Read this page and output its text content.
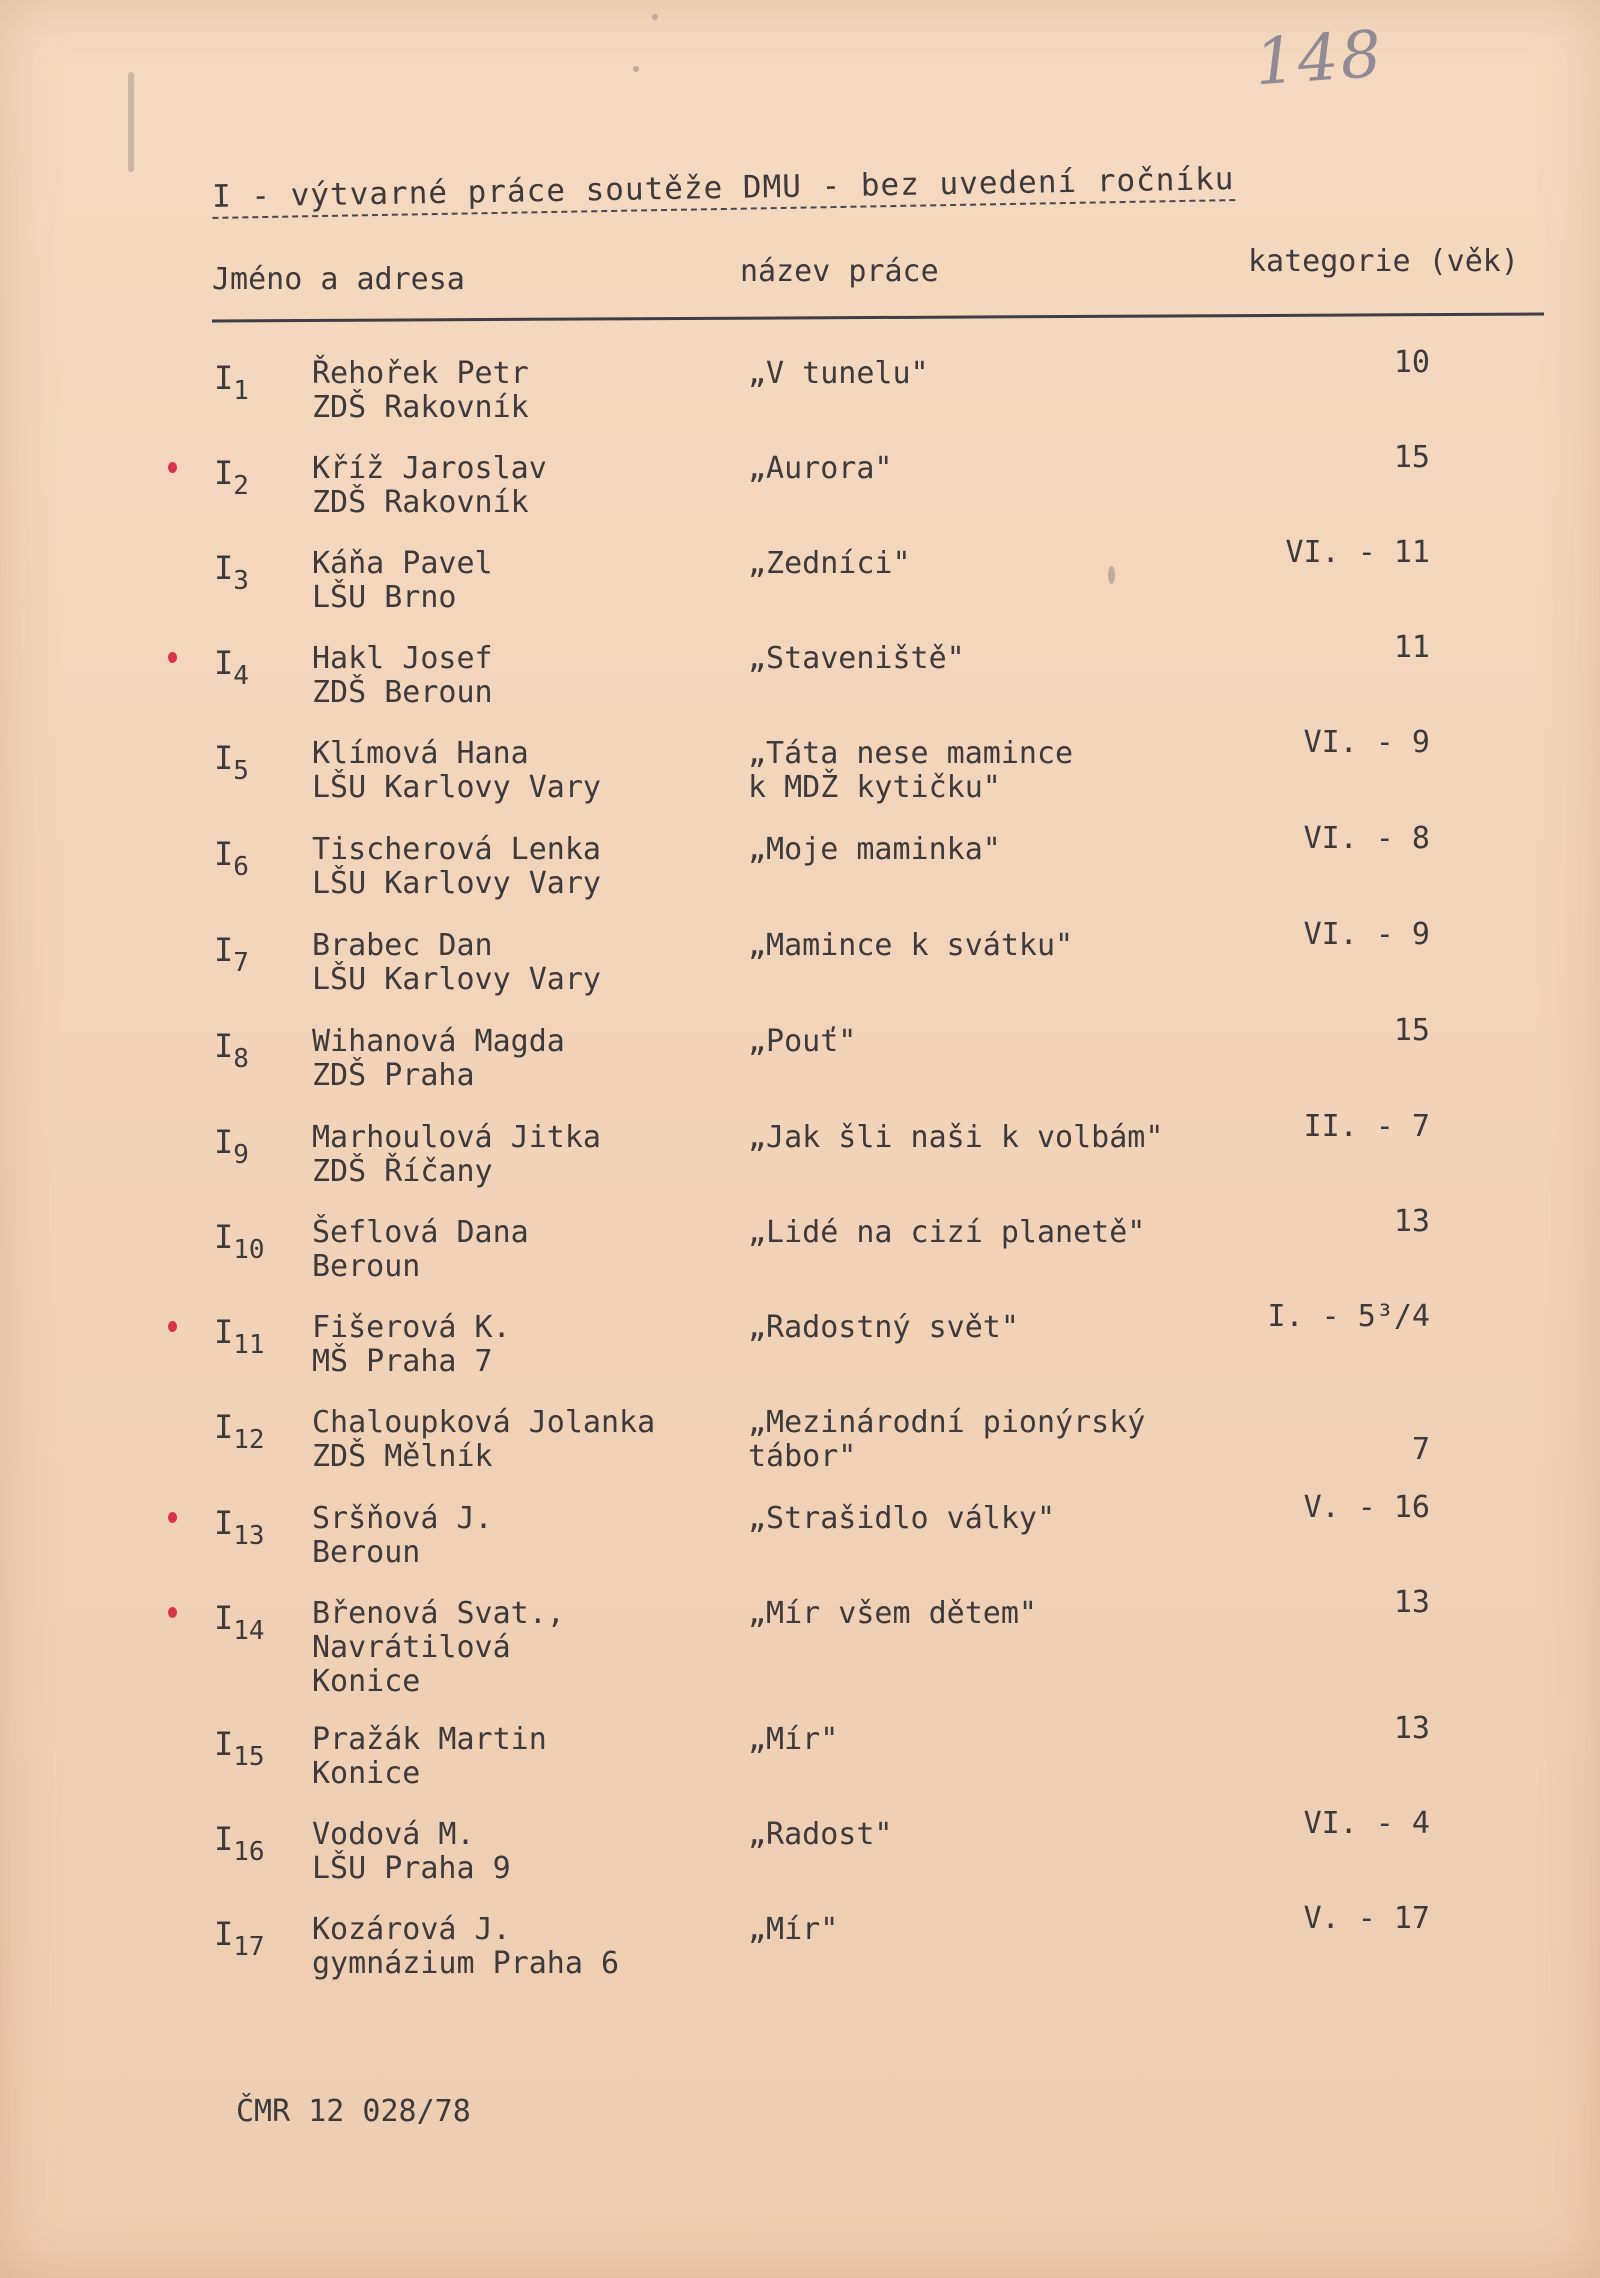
148
I - výtvarné práce soutěže DMU - bez uvedení ročníku
Jméno a adresa	název práce	kategorie (věk)
$I_1$ Řehořek Petr
ZDŠ Rakovník
„V tunelu"	10
$I_2$ Kříž Jaroslav
ZDŠ Rakovník
„Aurora"	15
$I_3$ Káňa Pavel
LŠU Brno
„Zedníci"	VI. - 11
$I_4$ Hakl Josef
ZDŠ Beroun
„Staveniště"	11
$I_5$ Klímová Hana
LŠU Karlovy Vary
„Táta nese mamince
k MDŽ kytičku"
VI. - 9
$I_6$ Tischerová Lenka
LŠU Karlovy Vary
„Moje maminka"	VI. - 8
$I_7$ Brabec Dan
LŠU Karlovy Vary
„Mamince k svátku"	VI. - 9
$I_8$ Wihanová Magda
ZDŠ Praha
„Pouť"	15
$I_9$ Marhoulová Jitka
ZDŠ Říčany
„Jak šli naši k volbám"	II. - 7
$I_{10}$ Šeflová Dana
Beroun
„Lidé na cizí planetě"	13
$I_{11}$ Fišerová K.
MŠ Praha 7
„Radostný svět"	I. - 5³/4
$I_{12}$ Chaloupková Jolanka
ZDŠ Mělník
„Mezinárodní pionýrský
tábor"	7
$I_{13}$ Sršňová J.
Beroun
„Strašidlo války"	V. - 16
$I_{14}$ Břenová Svat.,
Navrátilová
Konice
„Mír všem dětem"	13
$I_{15}$ Pražák Martin
Konice
„Mír"	13
$I_{16}$ Vodová M.
LŠU Praha 9
„Radost"	VI. - 4
$I_{17}$ Kozárová J.
gymnázium Praha 6
„Mír"	V. - 17
ČMR 12 028/78
